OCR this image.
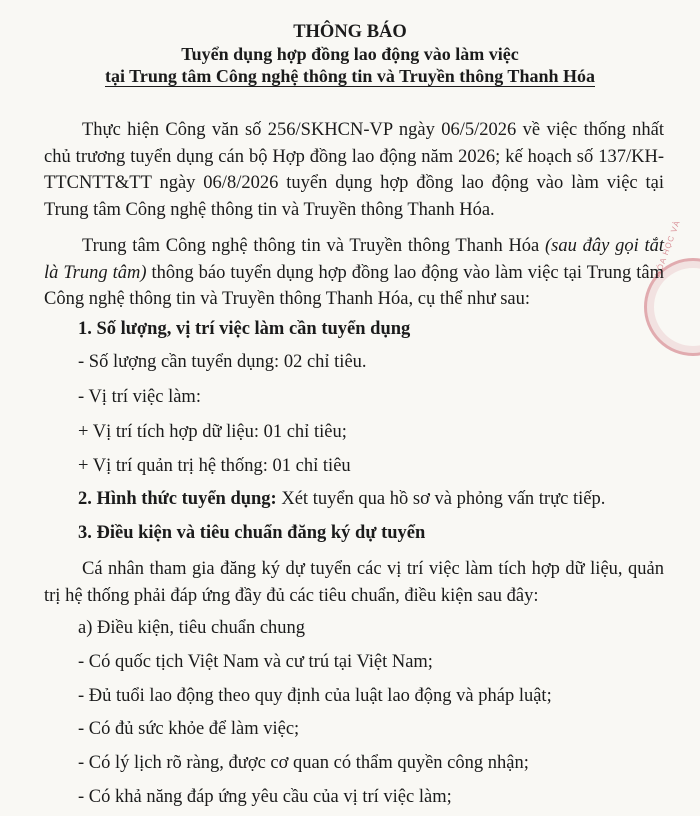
HÓA HỌC VÀ
THÔNG BÁO
Tuyển dụng hợp đồng lao động vào làm việc
tại Trung tâm Công nghệ thông tin và Truyền thông Thanh Hóa
Thực hiện Công văn số 256/SKHCN-VP ngày 06/5/2026 về việc thống nhất chủ trương tuyển dụng cán bộ Hợp đồng lao động năm 2026; kế hoạch số 137/KH-TTCNTT&TT ngày 06/8/2026 tuyển dụng hợp đồng lao động vào làm việc tại Trung tâm Công nghệ thông tin và Truyền thông Thanh Hóa.
Trung tâm Công nghệ thông tin và Truyền thông Thanh Hóa (sau đây gọi tắt là Trung tâm) thông báo tuyển dụng hợp đồng lao động vào làm việc tại Trung tâm Công nghệ thông tin và Truyền thông Thanh Hóa, cụ thể như sau:
1. Số lượng, vị trí việc làm cần tuyển dụng
- Số lượng cần tuyển dụng: 02 chỉ tiêu.
- Vị trí việc làm:
+ Vị trí tích hợp dữ liệu: 01 chỉ tiêu;
+ Vị trí quản trị hệ thống: 01 chỉ tiêu
2. Hình thức tuyển dụng: Xét tuyển qua hồ sơ và phỏng vấn trực tiếp.
3. Điều kiện và tiêu chuẩn đăng ký dự tuyển
Cá nhân tham gia đăng ký dự tuyển các vị trí việc làm tích hợp dữ liệu, quản trị hệ thống phải đáp ứng đầy đủ các tiêu chuẩn, điều kiện sau đây:
a) Điều kiện, tiêu chuẩn chung
- Có quốc tịch Việt Nam và cư trú tại Việt Nam;
- Đủ tuổi lao động theo quy định của luật lao động và pháp luật;
- Có đủ sức khỏe để làm việc;
- Có lý lịch rõ ràng, được cơ quan có thẩm quyền công nhận;
- Có khả năng đáp ứng yêu cầu của vị trí việc làm;
